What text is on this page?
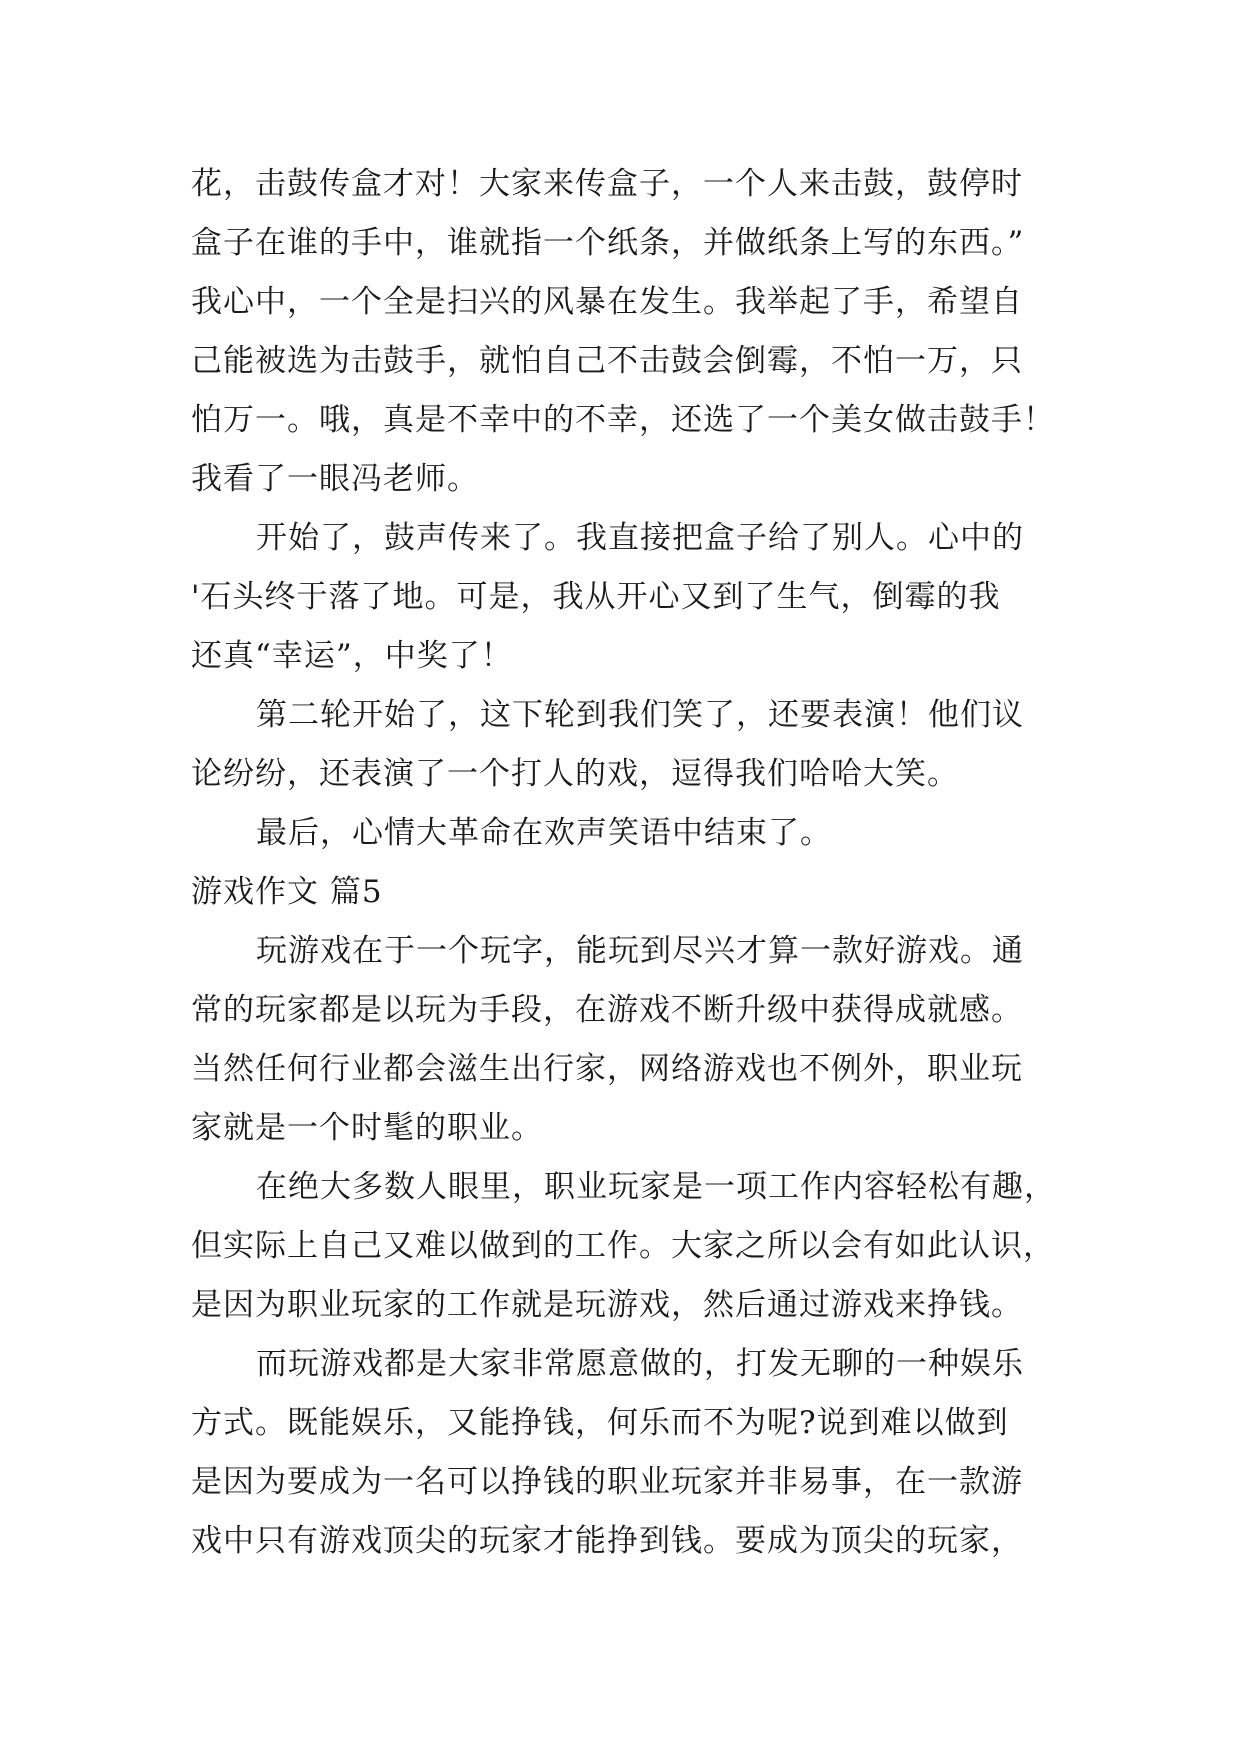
花，击鼓传盒才对！大家来传盒子，一个人来击鼓，鼓停时
盒子在谁的手中，谁就指一个纸条，并做纸条上写的东西。”
我心中，一个全是扫兴的风暴在发生。我举起了手，希望自
己能被选为击鼓手，就怕自己不击鼓会倒霉，不怕一万，只
怕万一。哦，真是不幸中的不幸，还选了一个美女做击鼓手！
我看了一眼冯老师。
开始了，鼓声传来了。我直接把盒子给了别人。心中的
'石头终于落了地。可是，我从开心又到了生气，倒霉的我
还真“幸运”，中奖了！
第二轮开始了，这下轮到我们笑了，还要表演！他们议
论纷纷，还表演了一个打人的戏，逗得我们哈哈大笑。
最后，心情大革命在欢声笑语中结束了。
游戏作文 篇5
玩游戏在于一个玩字，能玩到尽兴才算一款好游戏。通
常的玩家都是以玩为手段，在游戏不断升级中获得成就感。
当然任何行业都会滋生出行家，网络游戏也不例外，职业玩
家就是一个时髦的职业。
在绝大多数人眼里，职业玩家是一项工作内容轻松有趣，
但实际上自己又难以做到的工作。大家之所以会有如此认识，
是因为职业玩家的工作就是玩游戏，然后通过游戏来挣钱。
而玩游戏都是大家非常愿意做的，打发无聊的一种娱乐
方式。既能娱乐，又能挣钱，何乐而不为呢?说到难以做到
是因为要成为一名可以挣钱的职业玩家并非易事，在一款游
戏中只有游戏顶尖的玩家才能挣到钱。要成为顶尖的玩家，
